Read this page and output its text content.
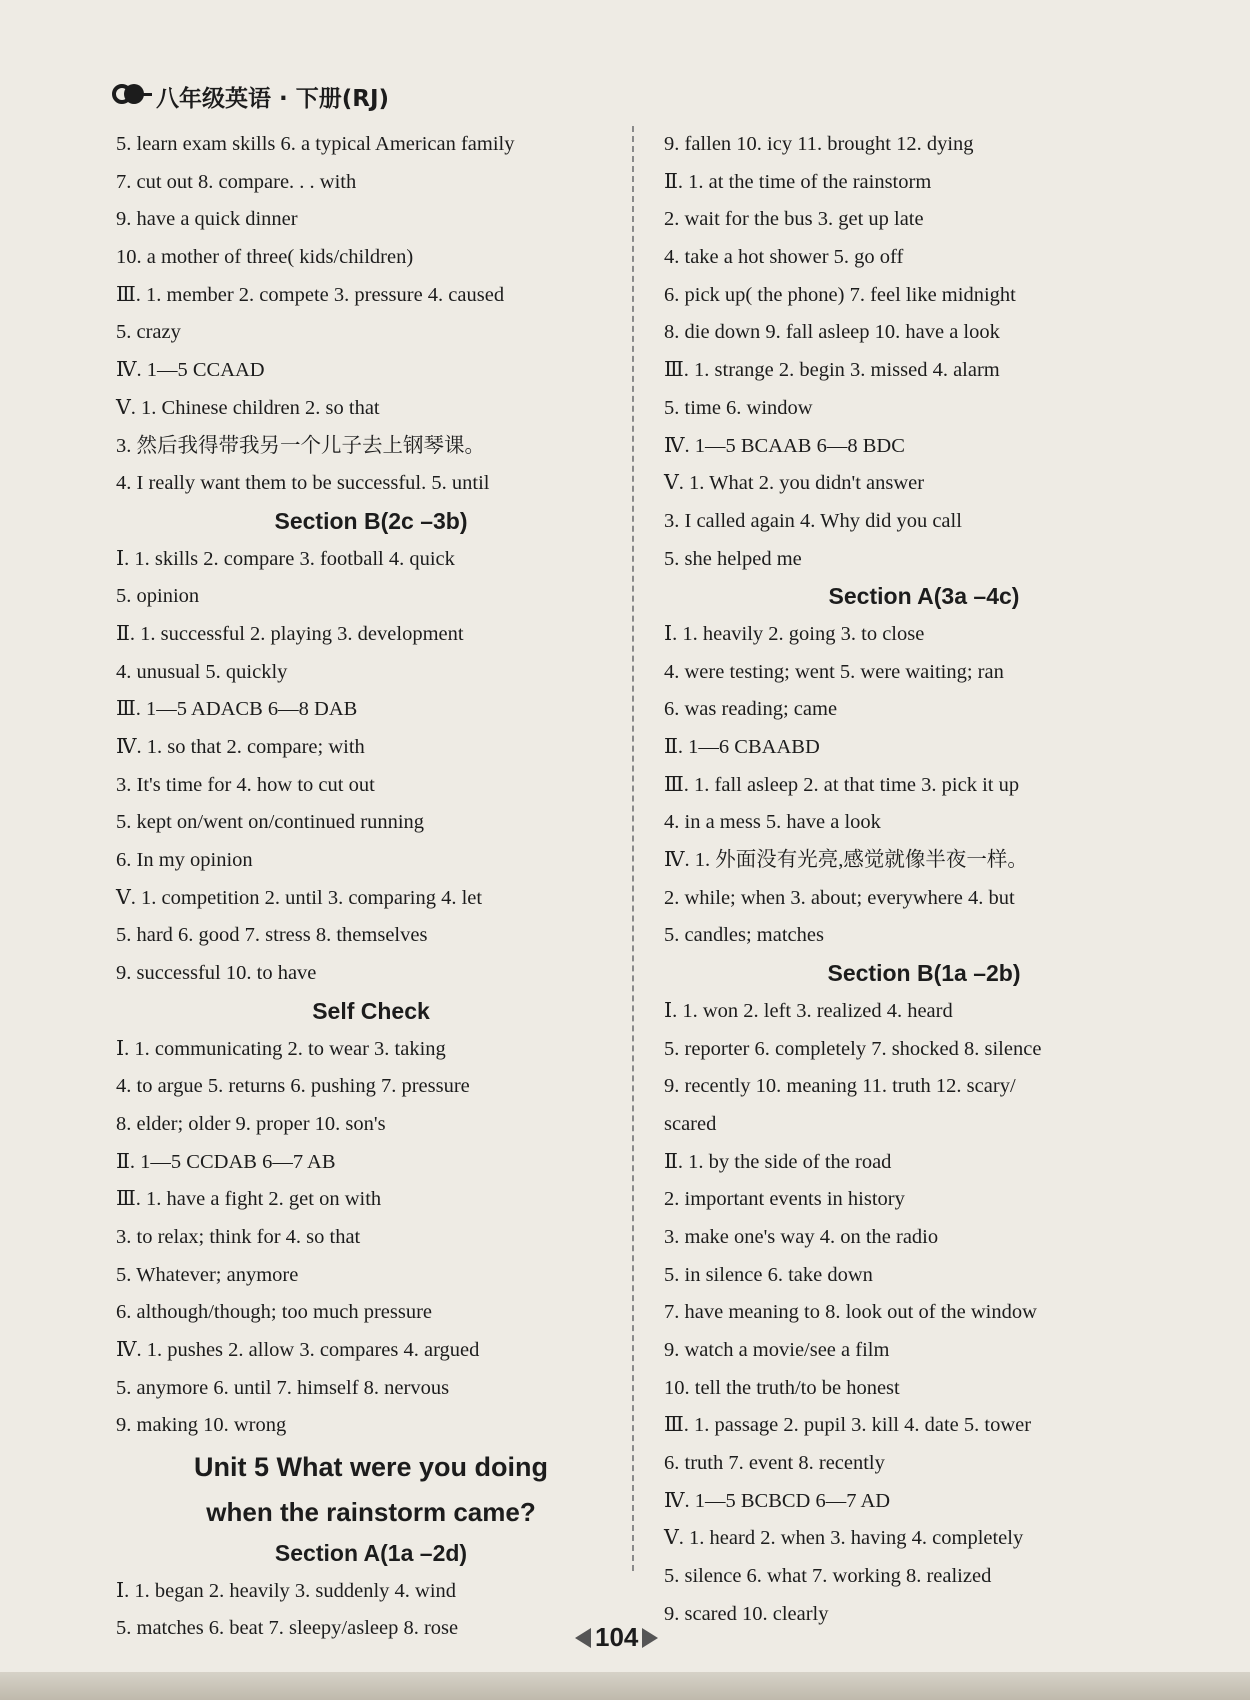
八年级英语 · 下册(RJ)
5. learn exam skills 6. a typical American family
7. cut out 8. compare. . . with
9. have a quick dinner
10. a mother of three( kids/children)
Ⅲ. 1. member 2. compete 3. pressure 4. caused
5. crazy
Ⅳ. 1—5 CCAAD
Ⅴ. 1. Chinese children 2. so that
3. 然后我得带我另一个儿子去上钢琴课。
4. I really want them to be successful. 5. until
Section B(2c –3b)
Ⅰ. 1. skills 2. compare 3. football 4. quick
5. opinion
Ⅱ. 1. successful 2. playing 3. development
4. unusual 5. quickly
Ⅲ. 1—5 ADACB 6—8 DAB
Ⅳ. 1. so that 2. compare; with
3. It's time for 4. how to cut out
5. kept on/went on/continued running
6. In my opinion
Ⅴ. 1. competition 2. until 3. comparing 4. let
5. hard 6. good 7. stress 8. themselves
9. successful 10. to have
Self Check
Ⅰ. 1. communicating 2. to wear 3. taking
4. to argue 5. returns 6. pushing 7. pressure
8. elder; older 9. proper 10. son's
Ⅱ. 1—5 CCDAB 6—7 AB
Ⅲ. 1. have a fight 2. get on with
3. to relax; think for 4. so that
5. Whatever; anymore
6. although/though; too much pressure
Ⅳ. 1. pushes 2. allow 3. compares 4. argued
5. anymore 6. until 7. himself 8. nervous
9. making 10. wrong
Unit 5 What were you doing
when the rainstorm came?
Section A(1a –2d)
Ⅰ. 1. began 2. heavily 3. suddenly 4. wind
5. matches 6. beat 7. sleepy/asleep 8. rose
9. fallen 10. icy 11. brought 12. dying
Ⅱ. 1. at the time of the rainstorm
2. wait for the bus 3. get up late
4. take a hot shower 5. go off
6. pick up( the phone) 7. feel like midnight
8. die down 9. fall asleep 10. have a look
Ⅲ. 1. strange 2. begin 3. missed 4. alarm
5. time 6. window
Ⅳ. 1—5 BCAAB 6—8 BDC
Ⅴ. 1. What 2. you didn't answer
3. I called again 4. Why did you call
5. she helped me
Section A(3a –4c)
Ⅰ. 1. heavily 2. going 3. to close
4. were testing; went 5. were waiting; ran
6. was reading; came
Ⅱ. 1—6 CBAABD
Ⅲ. 1. fall asleep 2. at that time 3. pick it up
4. in a mess 5. have a look
Ⅳ. 1. 外面没有光亮,感觉就像半夜一样。
2. while; when 3. about; everywhere 4. but
5. candles; matches
Section B(1a –2b)
Ⅰ. 1. won 2. left 3. realized 4. heard
5. reporter 6. completely 7. shocked 8. silence
9. recently 10. meaning 11. truth 12. scary/
scared
Ⅱ. 1. by the side of the road
2. important events in history
3. make one's way 4. on the radio
5. in silence 6. take down
7. have meaning to 8. look out of the window
9. watch a movie/see a film
10. tell the truth/to be honest
Ⅲ. 1. passage 2. pupil 3. kill 4. date 5. tower
6. truth 7. event 8. recently
Ⅳ. 1—5 BCBCD 6—7 AD
Ⅴ. 1. heard 2. when 3. having 4. completely
5. silence 6. what 7. working 8. realized
9. scared 10. clearly
104
